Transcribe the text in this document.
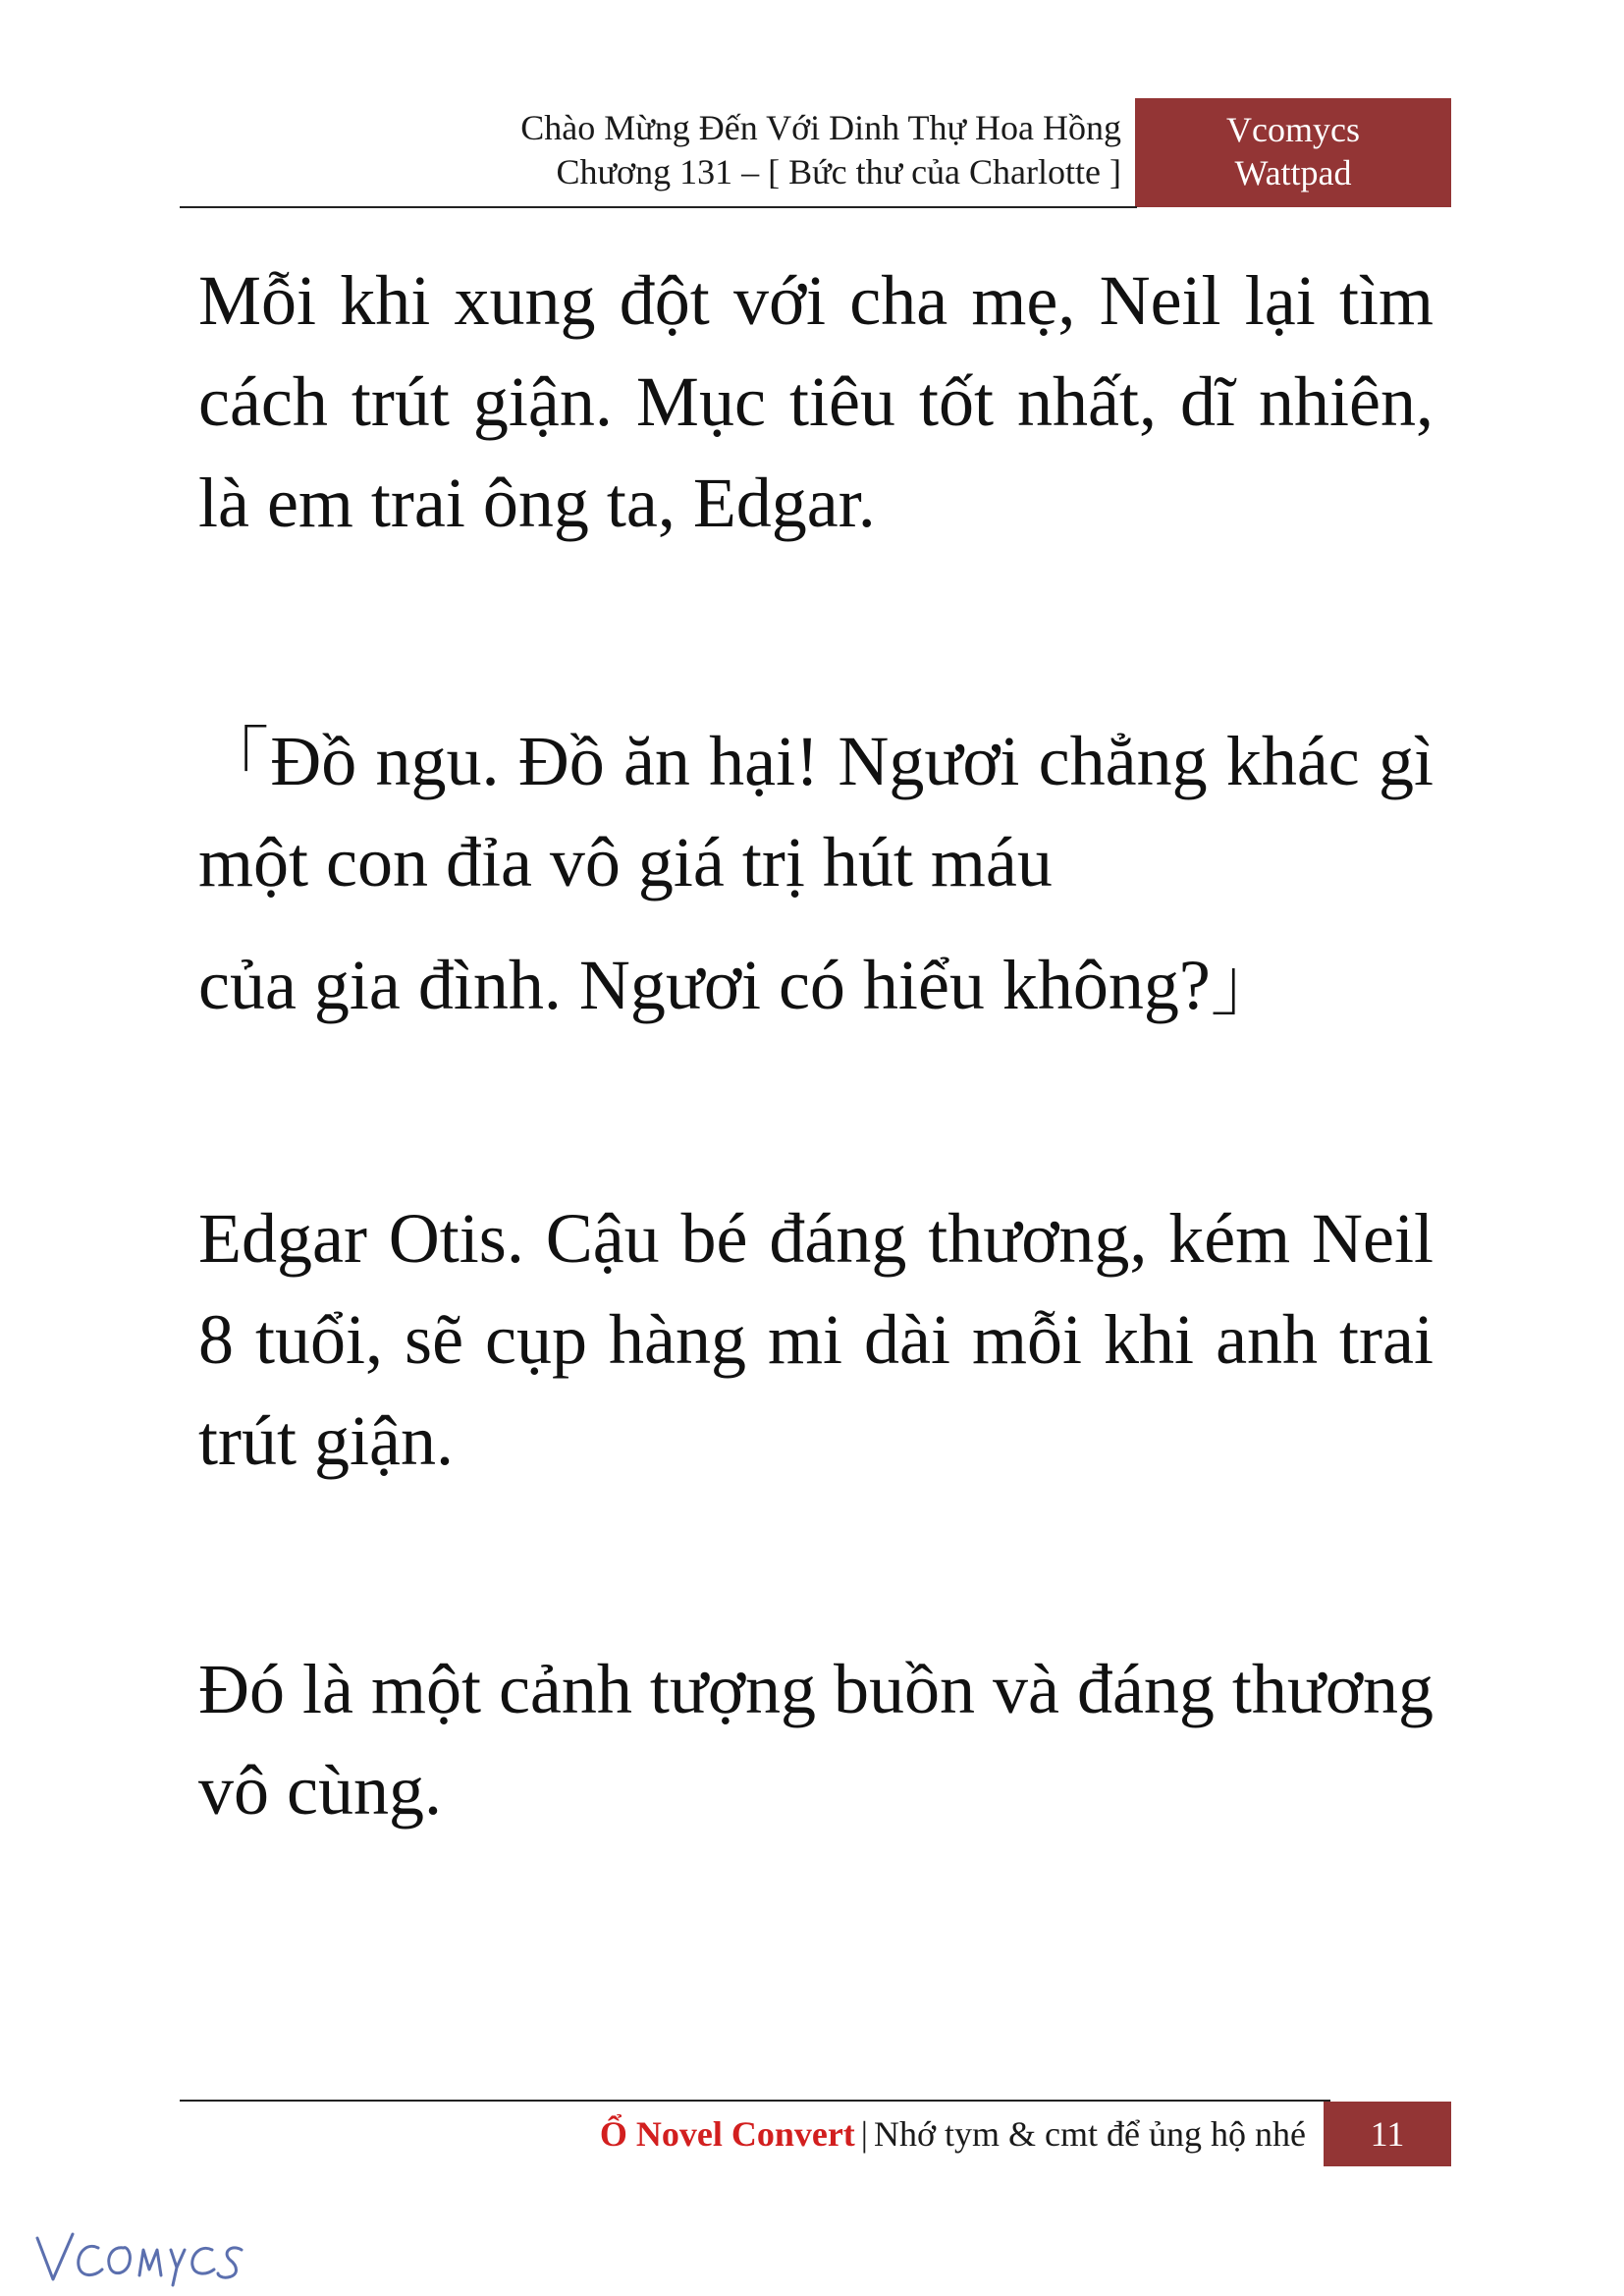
Chào Mừng Đến Với Dinh Thự Hoa Hồng
Chương 131 – [ Bức thư của Charlotte ]
Vcomycs
Wattpad

Mỗi khi xung đột với cha mẹ, Neil lại tìm cách trút giận. Mục tiêu tốt nhất, dĩ nhiên, là em trai ông ta, Edgar.

「Đồ ngu. Đồ ăn hại! Ngươi chẳng khác gì một con đỉa vô giá trị hút máu
của gia đình. Ngươi có hiểu không?」

Edgar Otis. Cậu bé đáng thương, kém Neil 8 tuổi, sẽ cụp hàng mi dài mỗi khi anh trai trút giận.

Đó là một cảnh tượng buồn và đáng thương vô cùng.

Ổ Novel Convert | Nhớ tym & cmt để ủng hộ nhé	11
